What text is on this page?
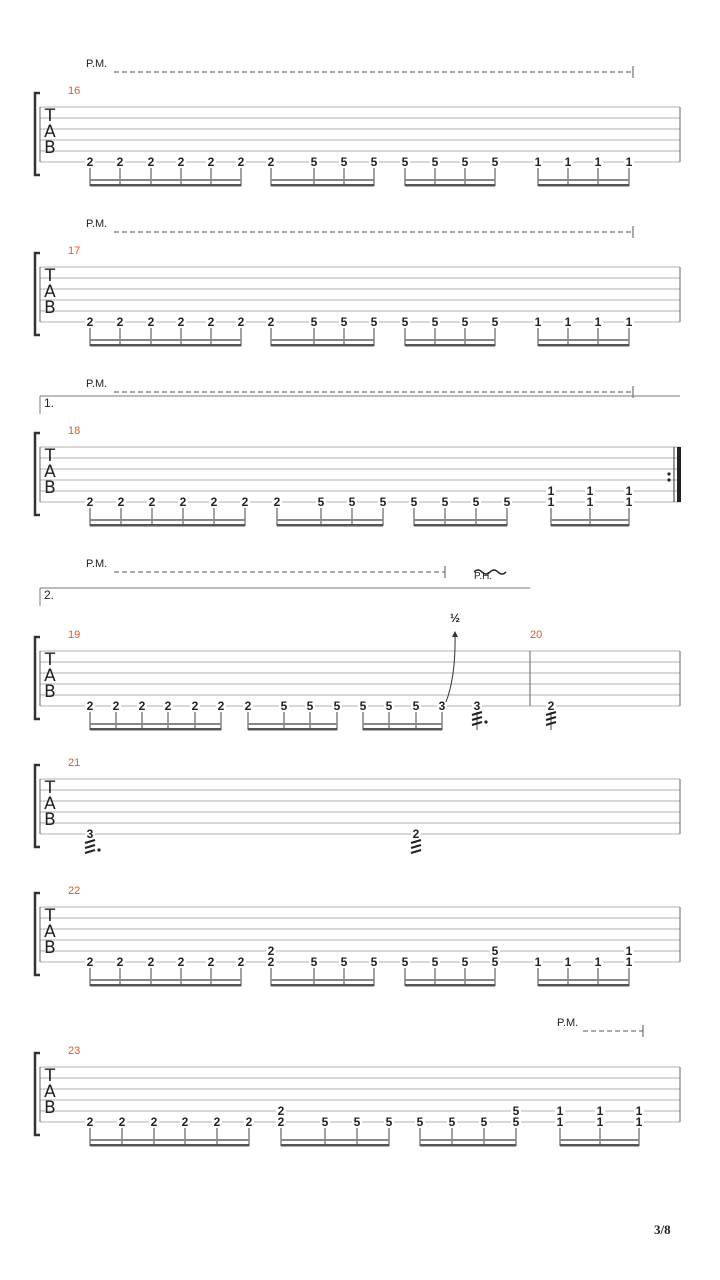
T
A
B
16
P.M.
2 2 2 2 2 2 2	5 5 5 5 5 5 5	1 1 1 1
T
A
B
17
P.M.
2 2 2 2 2 2 2	5 5 5 5 5 5 5	1 1 1 1
T
A
B
18
P.M.
1.
2 2 2 2 2 2 2	5 5 5 5 5 5 5
1
1
1
1
1
1
T
A
B
19	20
P.M.
2.
2 2 2 2 2 2 2 5 5 5 5 5 5 3 3	2
½
P.H.
T
A
B
21
3	2
T
A
B
22
2 2 2 2 2 2
2
2	5 5 5 5 5 5
5
5	1 1 1
1
1
T
A
B
23
P.M.
2 2 2 2 2 2
2
2	5 5 5 5 5 5
5
5
1
1
1
1
1
1
3/8
